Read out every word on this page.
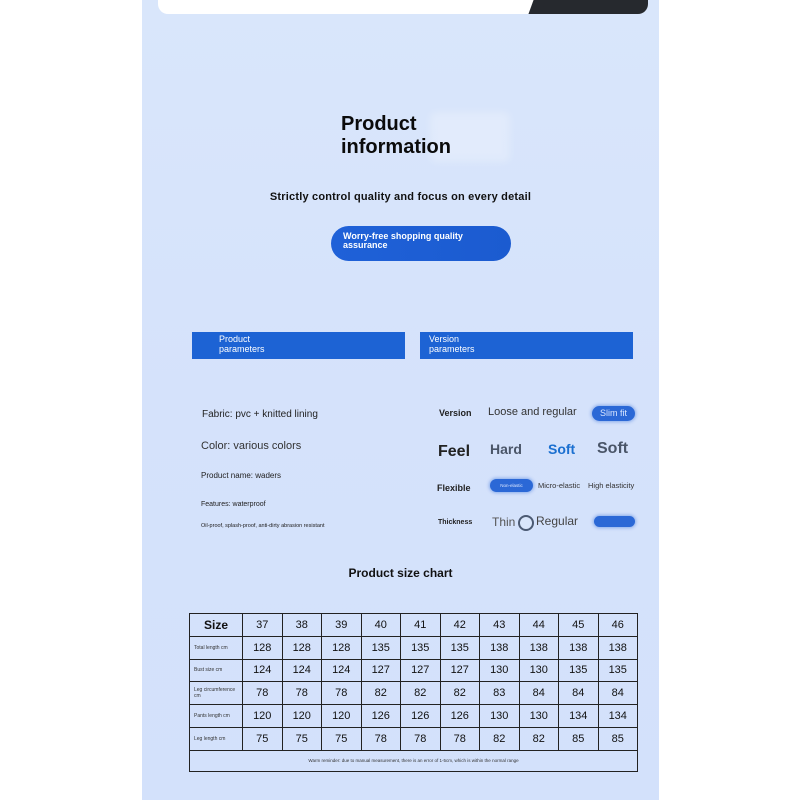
Product
information
Strictly control quality and focus on every detail
Worry-free shopping quality
assurance
Product
parameters
Version
parameters
Fabric: pvc + knitted lining
Color: various colors
Product name: waders
Features: waterproof
Oil-proof, splash-proof, anti-dirty abrasion resistant
Version Loose and regular	Slim fit
Feel Hard Soft Soft
Flexible	Non-elastic	Micro-elastic High elasticity
Thickness Thin Regular
Product size chart
Size	37	38	39	40	41	42	43	44	45	46
Total length cm	128	128	128	135	135	135	138	138	138	138
Bust size cm	124	124	124	127	127	127	130	130	135	135
Leg circumference cm	78	78	78	82	82	82	83	84	84	84
Pants length cm	120	120	120	126	126	126	130	130	134	134
Leg length cm	75	75	75	78	78	78	82	82	85	85
Warm reminder: due to manual measurement, there is an error of 1-5cm, which is within the normal range										
